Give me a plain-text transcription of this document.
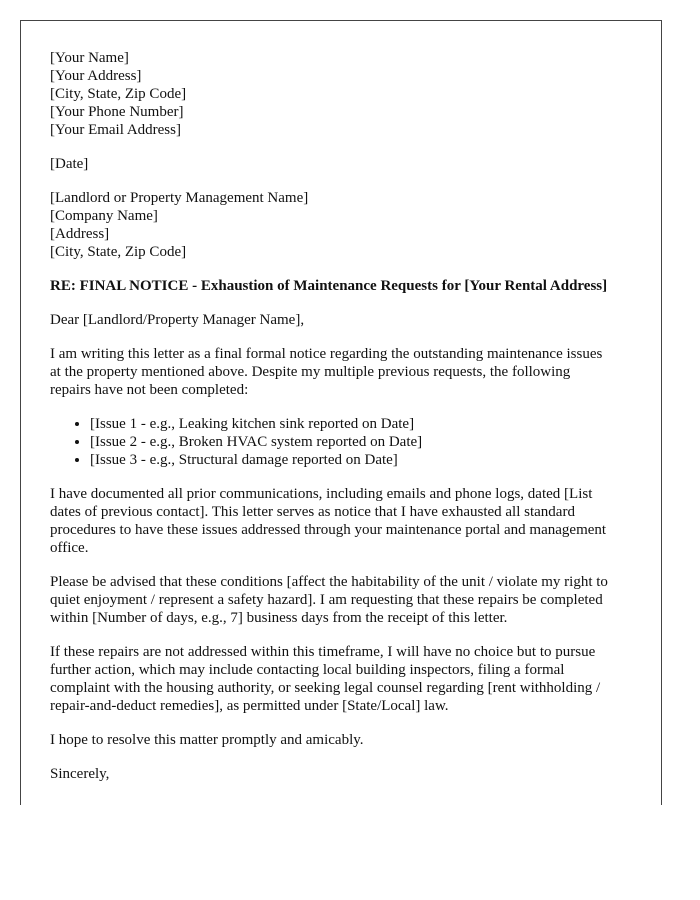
[Your Name]
[Your Address]
[City, State, Zip Code]
[Your Phone Number]
[Your Email Address]
[Date]
[Landlord or Property Management Name]
[Company Name]
[Address]
[City, State, Zip Code]

RE: FINAL NOTICE - Exhaustion of Maintenance Requests for [Your Rental Address]

Dear [Landlord/Property Manager Name],

I am writing this letter as a final formal notice regarding the outstanding maintenance issues at the property mentioned above. Despite my multiple previous requests, the following repairs have not been completed:

• [Issue 1 - e.g., Leaking kitchen sink reported on Date]
• [Issue 2 - e.g., Broken HVAC system reported on Date]
• [Issue 3 - e.g., Structural damage reported on Date]

I have documented all prior communications, including emails and phone logs, dated [List dates of previous contact]. This letter serves as notice that I have exhausted all standard procedures to have these issues addressed through your maintenance portal and management office.

Please be advised that these conditions [affect the habitability of the unit / violate my right to quiet enjoyment / represent a safety hazard]. I am requesting that these repairs be completed within [Number of days, e.g., 7] business days from the receipt of this letter.

If these repairs are not addressed within this timeframe, I will have no choice but to pursue further action, which may include contacting local building inspectors, filing a formal complaint with the housing authority, or seeking legal counsel regarding [rent withholding / repair-and-deduct remedies], as permitted under [State/Local] law.

I hope to resolve this matter promptly and amicably.

Sincerely,
